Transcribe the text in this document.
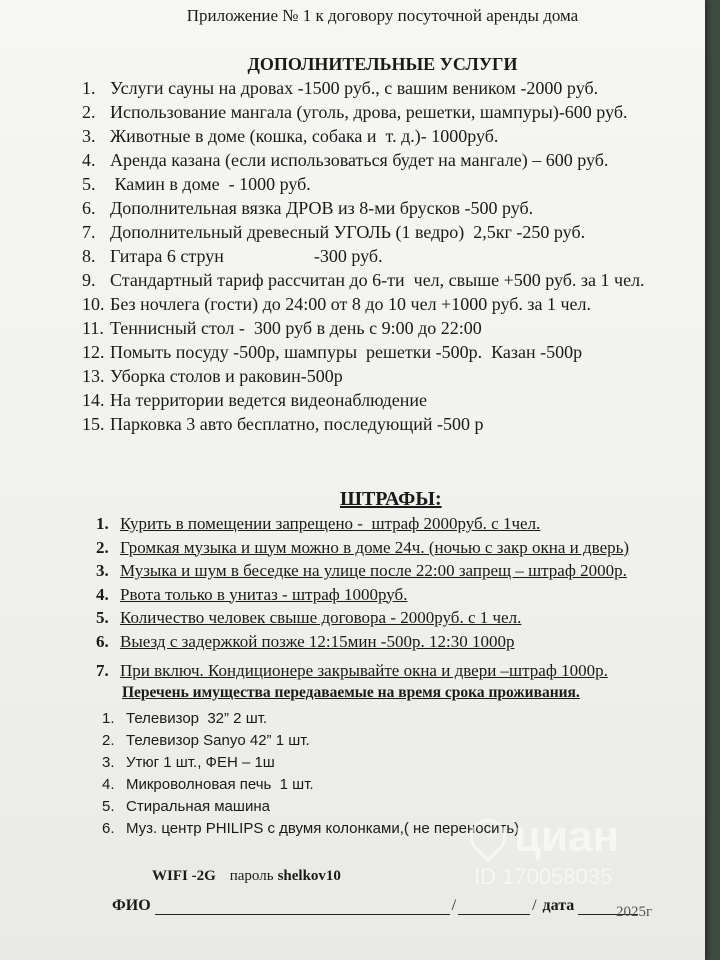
Приложение № 1 к договору посуточной аренды дома
ДОПОЛНИТЕЛЬНЫЕ УСЛУГИ
1. Услуги сауны на дровах -1500 руб., с вашим веником -2000 руб.
2. Использование мангала (уголь, дрова, решетки, шампуры)-600 руб.
3. Животные в доме (кошка, собака и  т. д.)- 1000руб.
4. Аренда казана (если использоваться будет на мангале) – 600 руб.
5. Камин в доме  - 1000 руб.
6. Дополнительная вязка ДРОВ из 8-ми брусков -500 руб.
7. Дополнительный древесный УГОЛЬ (1 ведро)  2,5кг -250 руб.
8. Гитара 6 струн                    -300 руб.
9. Стандартный тариф рассчитан до 6-ти  чел, свыше +500 руб. за 1 чел.
10. Без ночлега (гости) до 24:00 от 8 до 10 чел +1000 руб. за 1 чел.
11. Теннисный стол -  300 руб в день с 9:00 до 22:00
12. Помыть посуду -500р, шампуры  решетки -500р.  Казан -500р
13. Уборка столов и раковин-500р
14. На территории ведется видеонаблюдение
15. Парковка 3 авто бесплатно, последующий -500 р
ШТРАФЫ:
1. Курить в помещении запрещено -  штраф 2000руб. с 1чел.
2. Громкая музыка и шум можно в доме 24ч. (ночью с закр окна и дверь)
3. Музыка и шум в беседке на улице после 22:00 запрещ – штраф 2000р.
4. Рвота только в унитаз - штраф 1000руб.
5. Количество человек свыше договора - 2000руб. с 1 чел.
6. Выезд с задержкой позже 12:15мин -500р. 12:30 1000р
7. При включ. Кондиционере закрывайте окна и двери –штраф 1000р.
Перечень имущества передаваемые на время срока проживания.
1. Телевизор  32” 2 шт.
2. Телевизор Sanyo 42” 1 шт.
3. Утюг 1 шт., ФЕН – 1ш
4. Микроволновая печь  1 шт.
5. Стиральная машина
6. Муз. центр PHILIPS с двумя колонками,( не переносить)
WIFI -2G пароль shelkov10
ФИО	/	/ дата	2025г
циан
ID 170058035
